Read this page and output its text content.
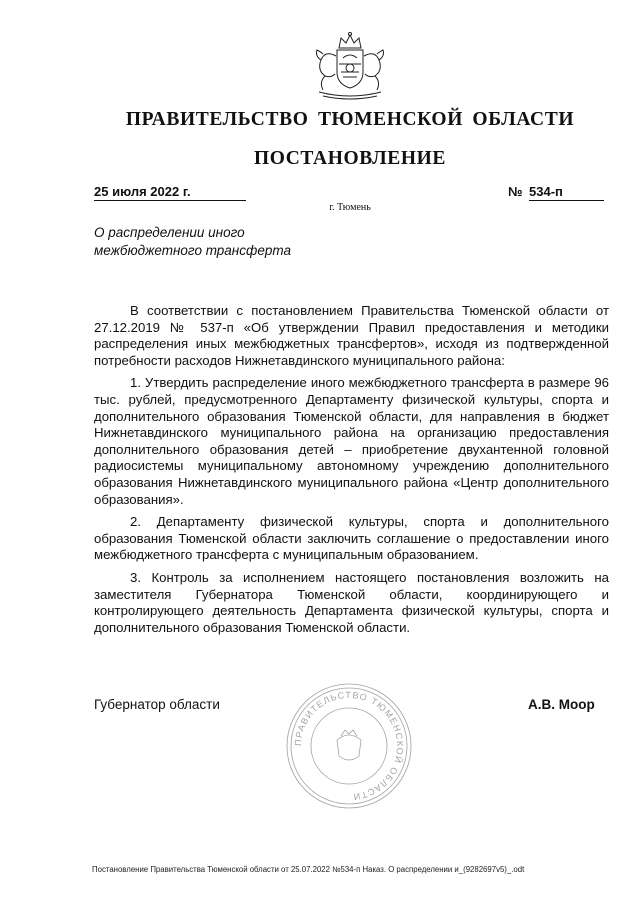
ПРАВИТЕЛЬСТВО ТЮМЕНСКОЙ ОБЛАСТИ
ПОСТАНОВЛЕНИЕ
25 июля 2022 г.	№ 534-п
г. Тюмень
О распределении иного
межбюджетного трансферта

В соответствии с постановлением Правительства Тюменской области от 27.12.2019 № 537-п «Об утверждении Правил предоставления и методики распределения иных межбюджетных трансфертов», исходя из подтвержденной потребности расходов Нижнетавдинского муниципального района:

1. Утвердить распределение иного межбюджетного трансферта в размере 96 тыс. рублей, предусмотренного Департаменту физической культуры, спорта и дополнительного образования Тюменской области, для направления в бюджет Нижнетавдинского муниципального района на организацию предоставления дополнительного образования детей – приобретение двухантенной головной радиосистемы муниципальному автономному учреждению дополнительного образования Нижнетавдинского муниципального района «Центр дополнительного образования».

2. Департаменту физической культуры, спорта и дополнительного образования Тюменской области заключить соглашение о предоставлении иного межбюджетного трансферта с муниципальным образованием.

3. Контроль за исполнением настоящего постановления возложить на заместителя Губернатора Тюменской области, координирующего и контролирующего деятельность Департамента физической культуры, спорта и дополнительного образования Тюменской области.

ПРАВИТЕЛЬСТВО ТЮМЕНСКОЙ ОБЛАСТИ
Губернатор области	А.В. Моор
Постановление Правительства Тюменской области от 25.07.2022 №534-п Наказ. О распределении и_(9282697v5)_.odt
